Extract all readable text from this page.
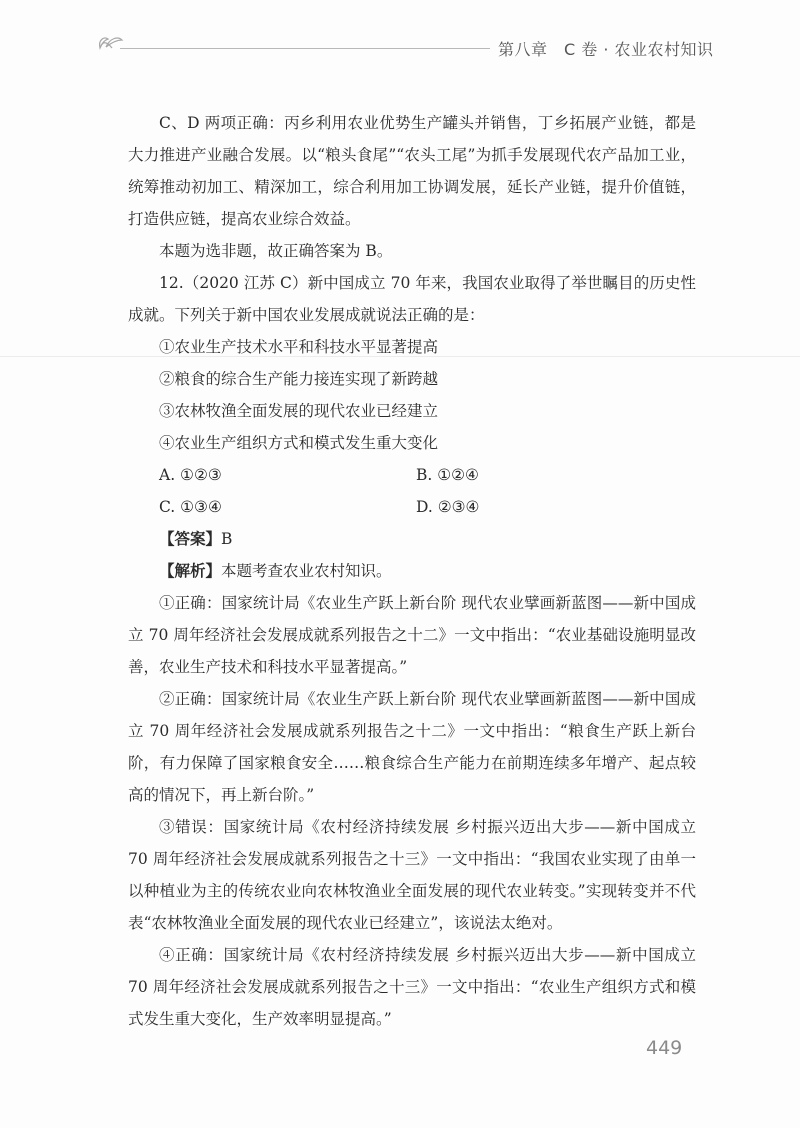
第八章　C 卷 · 农业农村知识

C、D 两项正确：丙乡利用农业优势生产罐头并销售，丁乡拓展产业链，都是大力推进产业融合发展。以“粮头食尾”“农头工尾”为抓手发展现代农产品加工业，统筹推动初加工、精深加工，综合利用加工协调发展，延长产业链，提升价值链，打造供应链，提高农业综合效益。

本题为选非题，故正确答案为 B。

12.（2020 江苏 C）新中国成立 70 年来，我国农业取得了举世瞩目的历史性成就。下列关于新中国农业发展成就说法正确的是：

①农业生产技术水平和科技水平显著提高

②粮食的综合生产能力接连实现了新跨越

③农林牧渔全面发展的现代农业已经建立

④农业生产组织方式和模式发生重大变化

A. ①②③	B. ①②④
C. ①③④	D. ②③④

【答案】B

【解析】本题考查农业农村知识。

①正确：国家统计局《农业生产跃上新台阶 现代农业擘画新蓝图——新中国成立 70 周年经济社会发展成就系列报告之十二》一文中指出：“农业基础设施明显改善，农业生产技术和科技水平显著提高。”

②正确：国家统计局《农业生产跃上新台阶 现代农业擘画新蓝图——新中国成立 70 周年经济社会发展成就系列报告之十二》一文中指出：“粮食生产跃上新台阶，有力保障了国家粮食安全……粮食综合生产能力在前期连续多年增产、起点较高的情况下，再上新台阶。”

③错误：国家统计局《农村经济持续发展 乡村振兴迈出大步——新中国成立 70 周年经济社会发展成就系列报告之十三》一文中指出：“我国农业实现了由单一以种植业为主的传统农业向农林牧渔业全面发展的现代农业转变。”实现转变并不代表“农林牧渔业全面发展的现代农业已经建立”，该说法太绝对。

④正确：国家统计局《农村经济持续发展 乡村振兴迈出大步——新中国成立 70 周年经济社会发展成就系列报告之十三》一文中指出：“农业生产组织方式和模式发生重大变化，生产效率明显提高。”

449
